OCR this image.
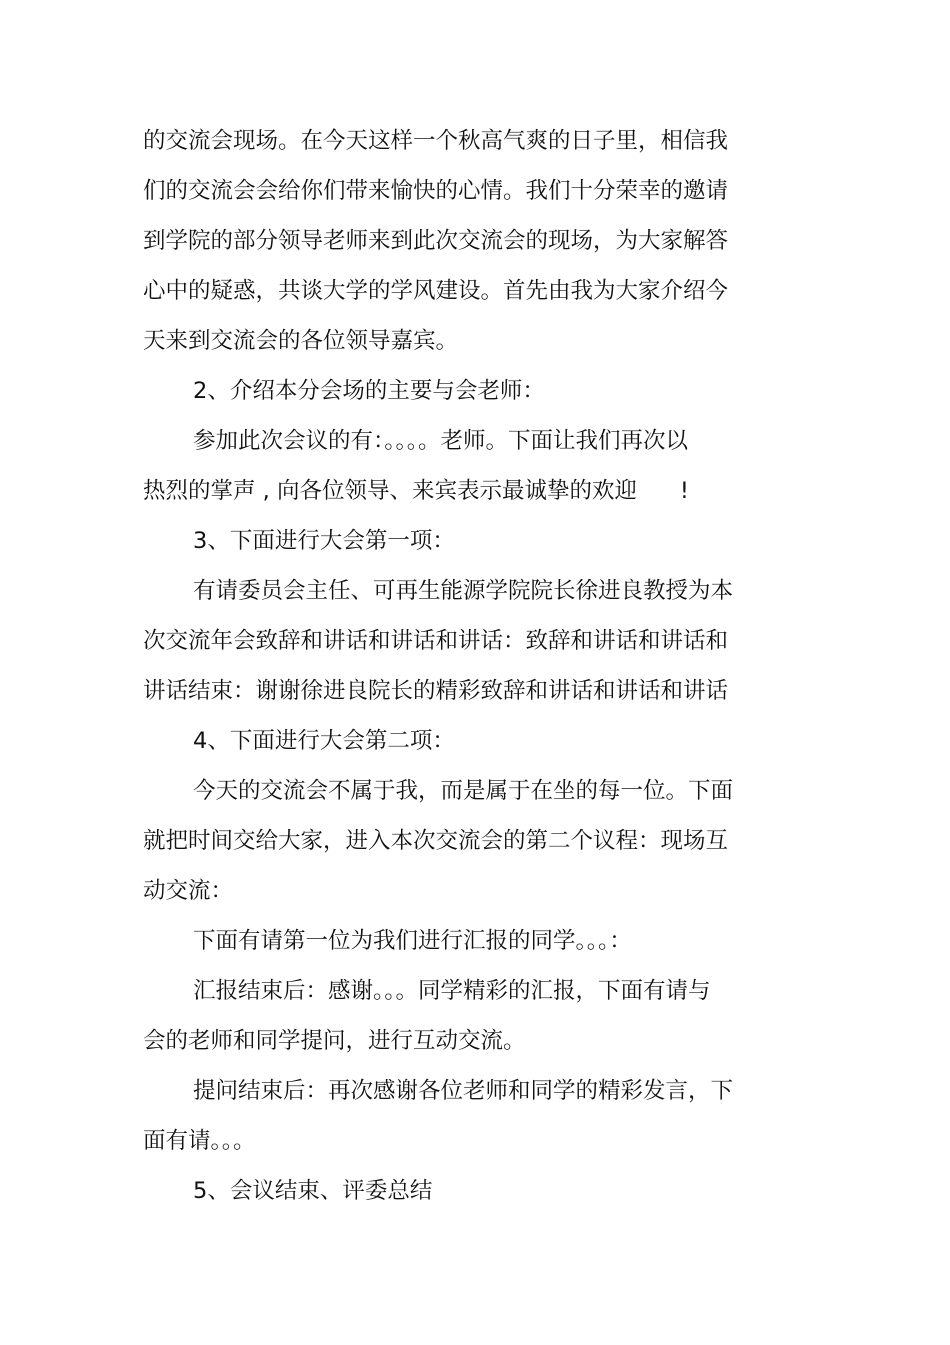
的交流会现场。在今天这样一个秋高气爽的日子里，相信我
们的交流会会给你们带来愉快的心情。我们十分荣幸的邀请
到学院的部分领导老师来到此次交流会的现场，为大家解答
心中的疑惑，共谈大学的学风建设。首先由我为大家介绍今
天来到交流会的各位领导嘉宾。

2、介绍本分会场的主要与会老师：

参加此次会议的有：。。。。老师。下面让我们再次以
热烈的掌声 , 向各位领导、来宾表示最诚挚的欢迎      !

3、下面进行大会第一项：

有请委员会主任、可再生能源学院院长徐进良教授为本
次交流年会致辞和讲话和讲话和讲话：致辞和讲话和讲话和
讲话结束：谢谢徐进良院长的精彩致辞和讲话和讲话和讲话

4、下面进行大会第二项：

今天的交流会不属于我，而是属于在坐的每一位。下面
就把时间交给大家，进入本次交流会的第二个议程：现场互
动交流：

下面有请第一位为我们进行汇报的同学。。。：

汇报结束后：感谢。。。同学精彩的汇报，下面有请与
会的老师和同学提问，进行互动交流。

提问结束后：再次感谢各位老师和同学的精彩发言，下
面有请。。。

5、会议结束、评委总结
